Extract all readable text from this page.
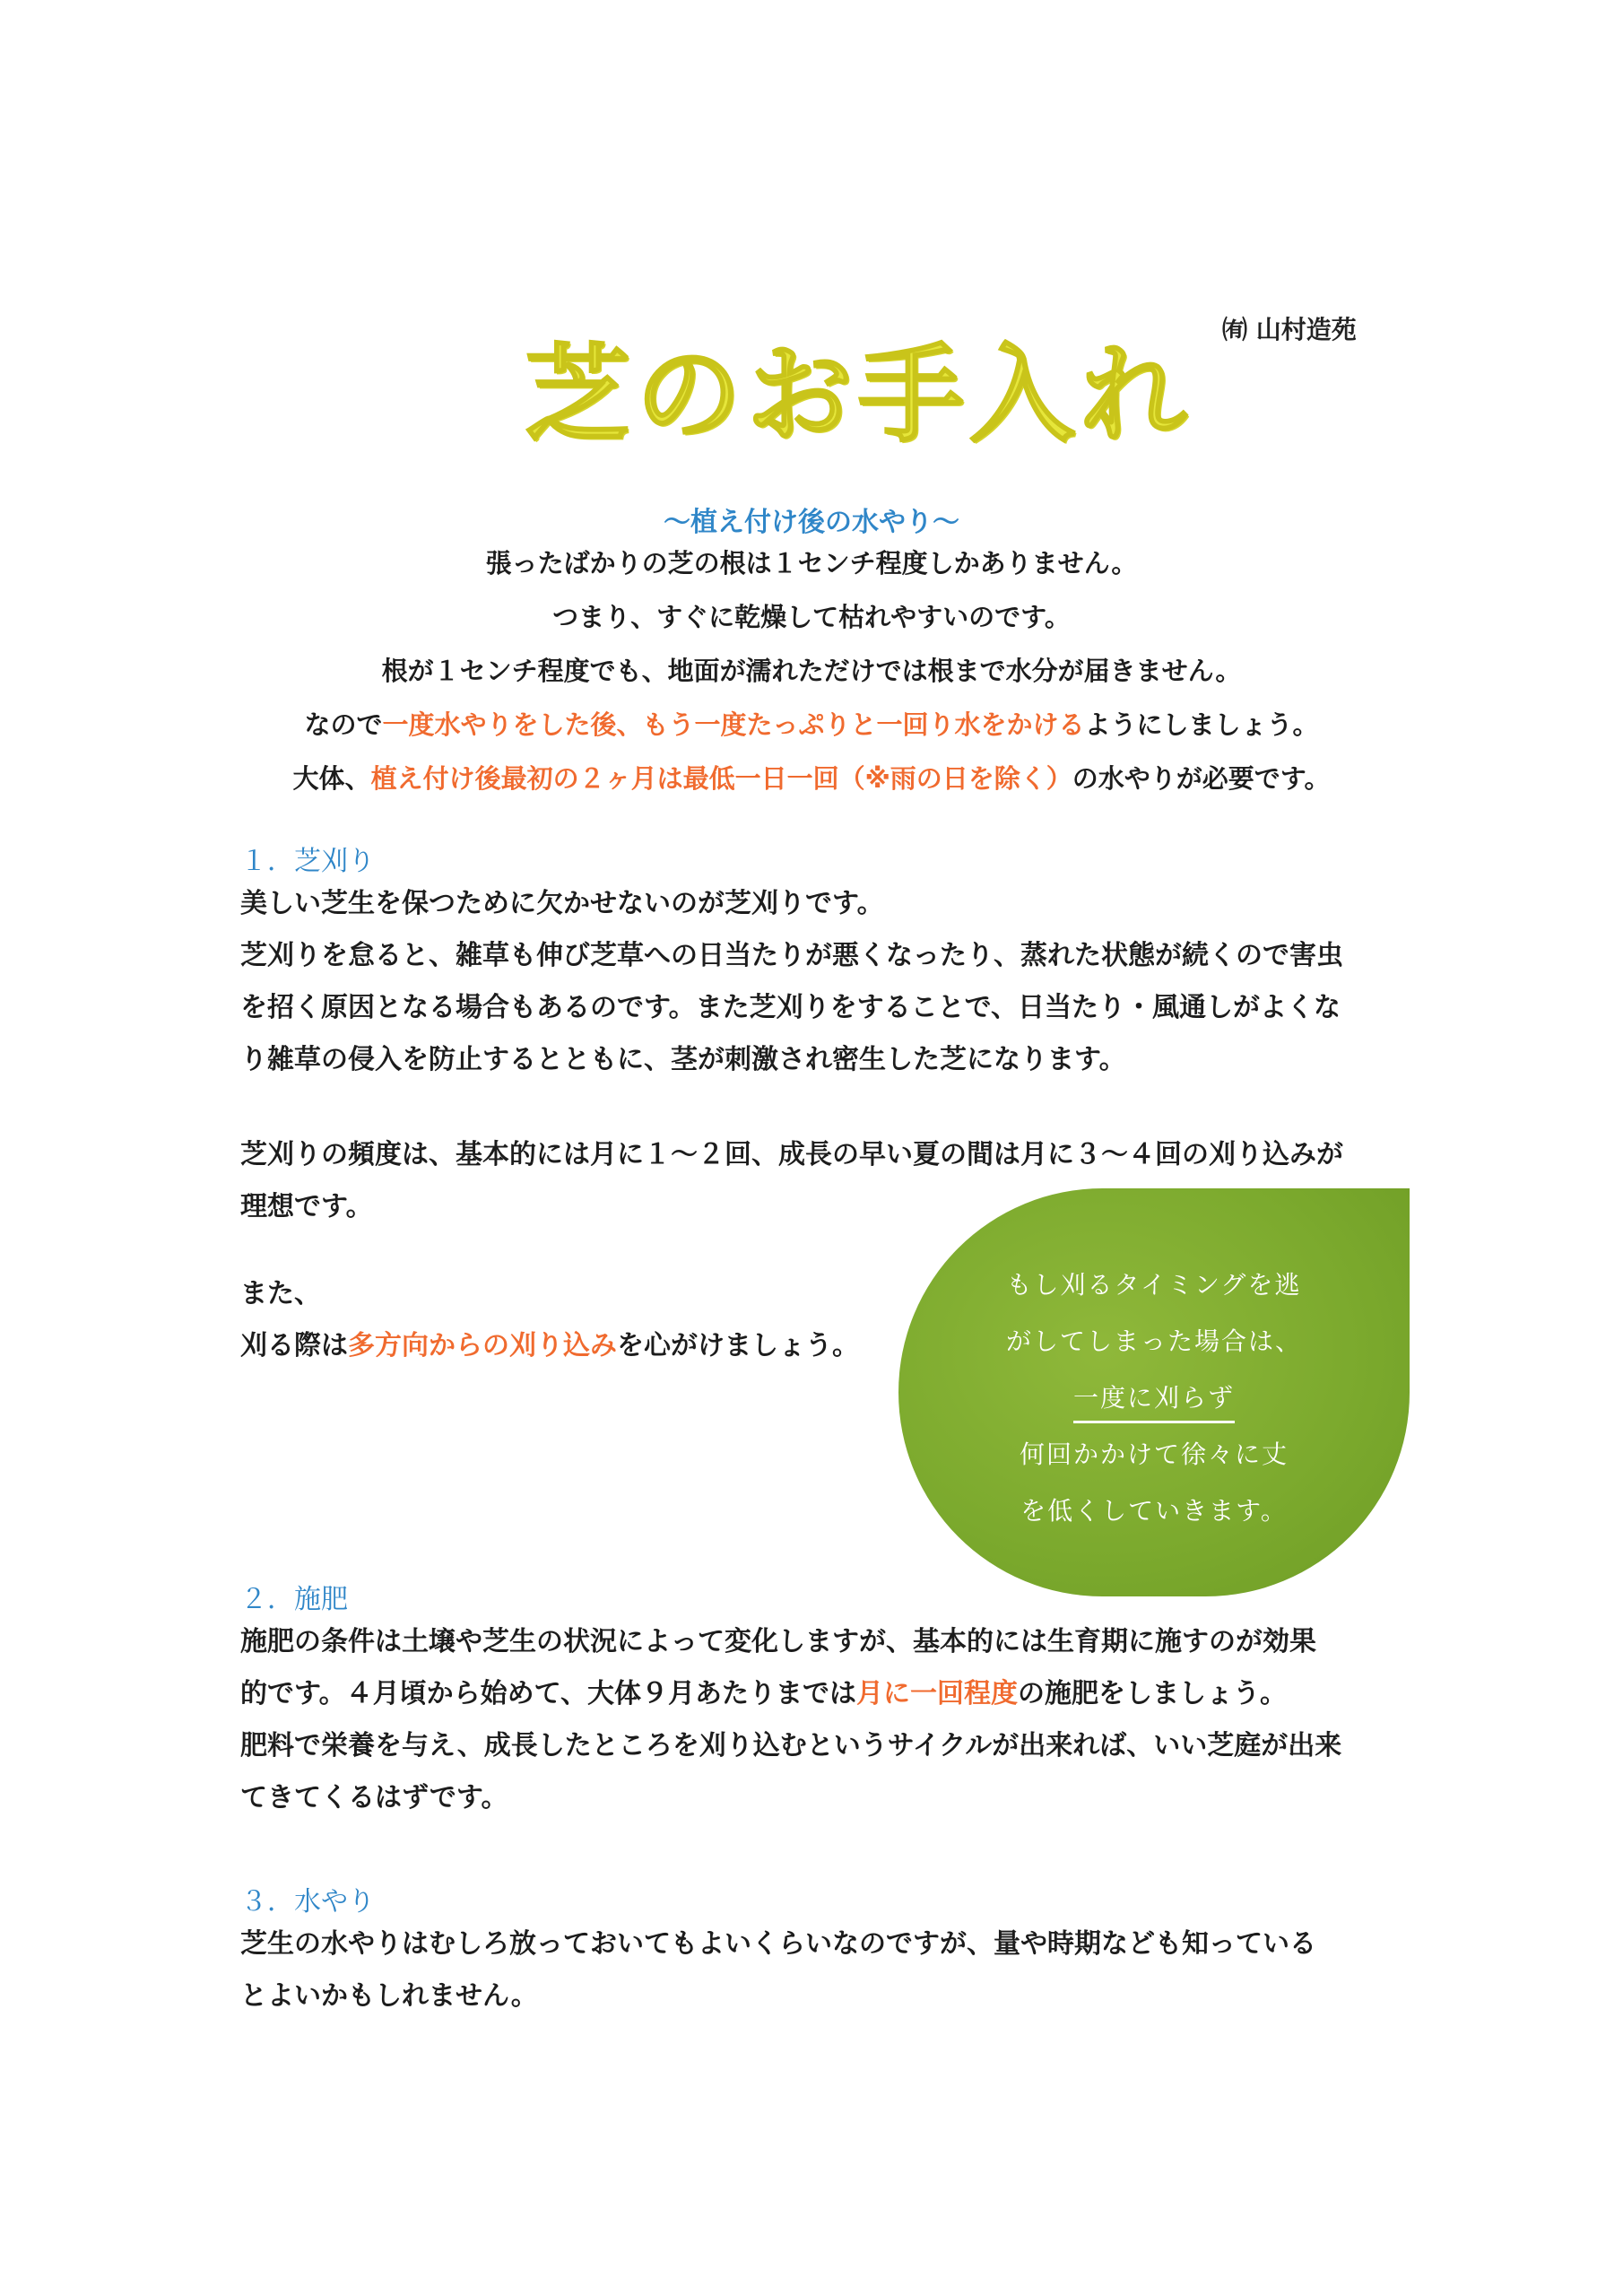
芝のお手入れ
㈲ 山村造苑
～植え付け後の水やり～
張ったばかりの芝の根は１センチ程度しかありません。
つまり、すぐに乾燥して枯れやすいのです。
根が１センチ程度でも、地面が濡れただけでは根まで水分が届きません。
なので一度水やりをした後、もう一度たっぷりと一回り水をかけるようにしましょう。
大体、植え付け後最初の２ヶ月は最低一日一回（※雨の日を除く）の水やりが必要です。
１．芝刈り
美しい芝生を保つために欠かせないのが芝刈りです。
芝刈りを怠ると、雑草も伸び芝草への日当たりが悪くなったり、蒸れた状態が続くので害虫
を招く原因となる場合もあるのです。また芝刈りをすることで、日当たり・風通しがよくな
り雑草の侵入を防止するとともに、茎が刺激され密生した芝になります。
芝刈りの頻度は、基本的には月に１～２回、成長の早い夏の間は月に３～４回の刈り込みが
理想です。
もし刈るタイミングを逃
がしてしまった場合は、
一度に刈らず
何回かかけて徐々に丈
を低くしていきます。
また、
刈る際は多方向からの刈り込みを心がけましょう。
２．施肥
施肥の条件は土壌や芝生の状況によって変化しますが、基本的には生育期に施すのが効果
的です。４月頃から始めて、大体９月あたりまでは月に一回程度の施肥をしましょう。
肥料で栄養を与え、成長したところを刈り込むというサイクルが出来れば、いい芝庭が出来
てきてくるはずです。
３．水やり
芝生の水やりはむしろ放っておいてもよいくらいなのですが、量や時期なども知っている
とよいかもしれません。
